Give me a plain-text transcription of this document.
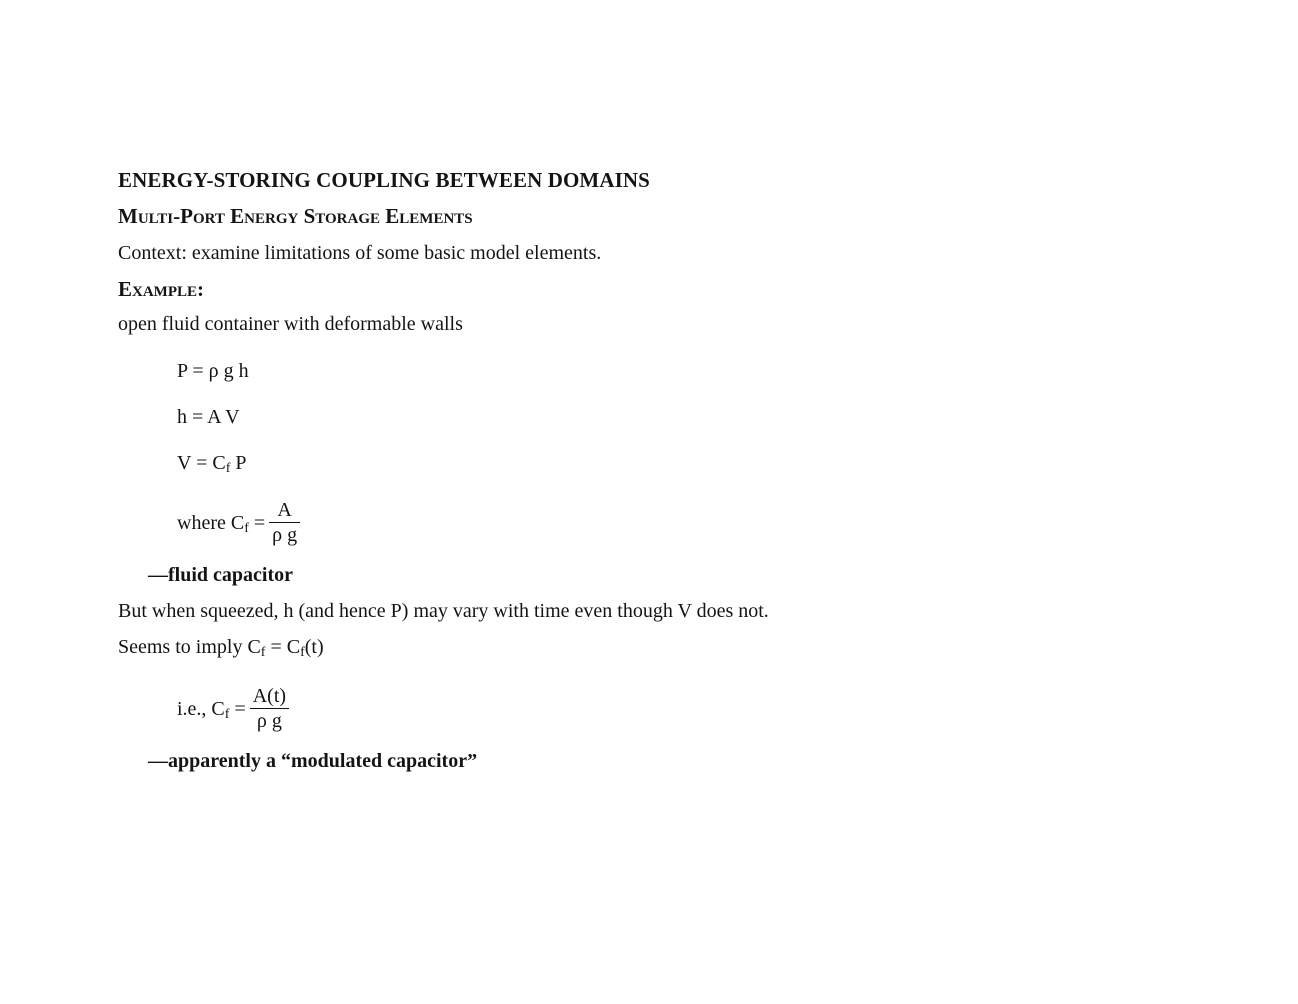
ENERGY-STORING COUPLING BETWEEN DOMAINS
Multi-Port Energy Storage Elements
Context: examine limitations of some basic model elements.
Example:
open fluid container with deformable walls
P = ρ g h
h = A V
$V = C_f$ P
where $C_f = \frac{A}{\text{ρ g}}$
—fluid capacitor
But when squeezed, h (and hence P) may vary with time even though V does not.
Seems to imply $C_f = C_f(t)$
i.e., $C_f = \frac{A(t)}{\text{ρ g}}$
—apparently a “modulated capacitor”
